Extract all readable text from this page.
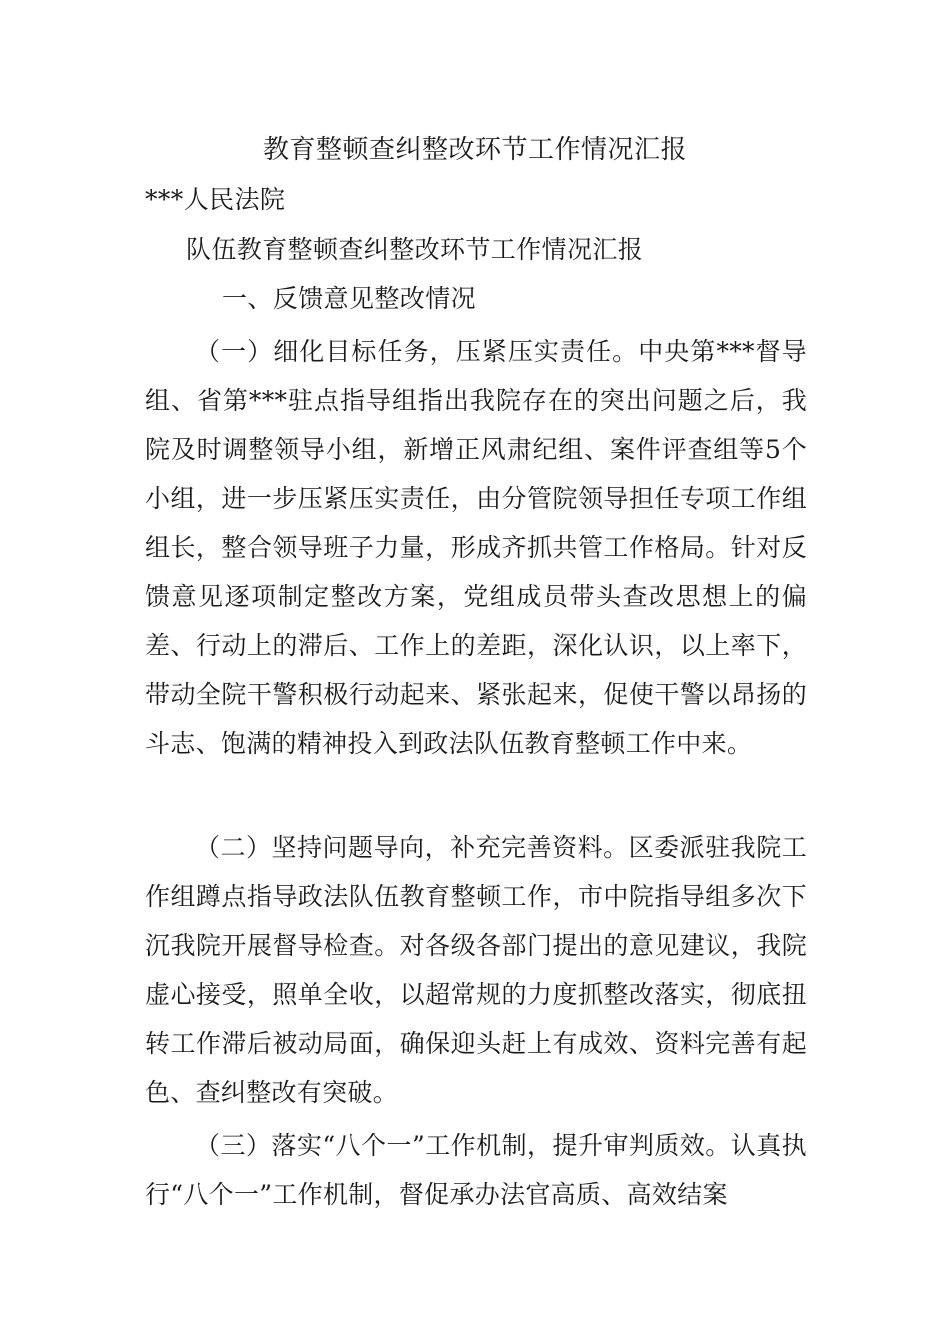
教育整顿查纠整改环节工作情况汇报
***人民法院
队伍教育整顿查纠整改环节工作情况汇报
一、反馈意见整改情况

（一）细化目标任务，压紧压实责任。中央第***督导组、省第***驻点指导组指出我院存在的突出问题之后，我院及时调整领导小组，新增正风肃纪组、案件评查组等5个小组，进一步压紧压实责任，由分管院领导担任专项工作组组长，整合领导班子力量，形成齐抓共管工作格局。针对反馈意见逐项制定整改方案，党组成员带头查改思想上的偏差、行动上的滞后、工作上的差距，深化认识，以上率下，带动全院干警积极行动起来、紧张起来，促使干警以昂扬的斗志、饱满的精神投入到政法队伍教育整顿工作中来。

（二）坚持问题导向，补充完善资料。区委派驻我院工作组蹲点指导政法队伍教育整顿工作，市中院指导组多次下沉我院开展督导检查。对各级各部门提出的意见建议，我院虚心接受，照单全收，以超常规的力度抓整改落实，彻底扭转工作滞后被动局面，确保迎头赶上有成效、资料完善有起色、查纠整改有突破。

（三）落实“八个一”工作机制，提升审判质效。认真执行“八个一”工作机制，督促承办法官高质、高效结案
